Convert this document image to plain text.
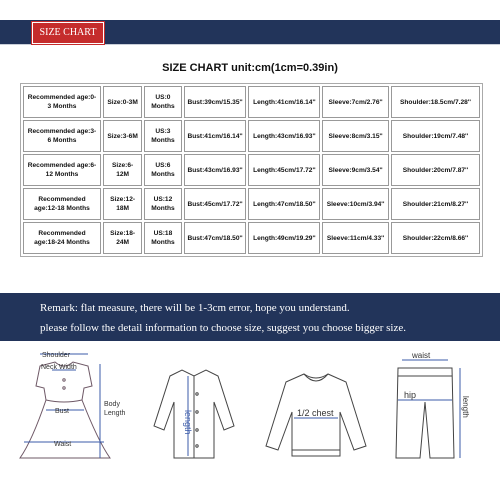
SIZE CHART
SIZE CHART unit:cm(1cm=0.39in)
Recommended age:0-3 Months	Size:0-3M	US:0 Months	Bust:39cm/15.35''	Length:41cm/16.14''	Sleeve:7cm/2.76''	Shoulder:18.5cm/7.28''
Recommended age:3-6 Months	Size:3-6M	US:3 Months	Bust:41cm/16.14''	Length:43cm/16.93''	Sleeve:8cm/3.15''	Shoulder:19cm/7.48''
Recommended age:6-12 Months	Size:6-12M	US:6 Months	Bust:43cm/16.93''	Length:45cm/17.72''	Sleeve:9cm/3.54''	Shoulder:20cm/7.87''
Recommended age:12-18 Months	Size:12-18M	US:12 Months	Bust:45cm/17.72''	Length:47cm/18.50''	Sleeve:10cm/3.94''	Shoulder:21cm/8.27''
Recommended age:18-24 Months	Size:18-24M	US:18 Months	Bust:47cm/18.50''	Length:49cm/19.29''	Sleeve:11cm/4.33''	Shoulder:22cm/8.66''

Remark: flat measure, there will be 1-3cm error, hope you understand.

please follow the detail information to choose size, suggest you choose bigger size.

Shoulder
Neck Width
Bust
Waist
Body
Length	length	1/2 chest
waist
hip
length
